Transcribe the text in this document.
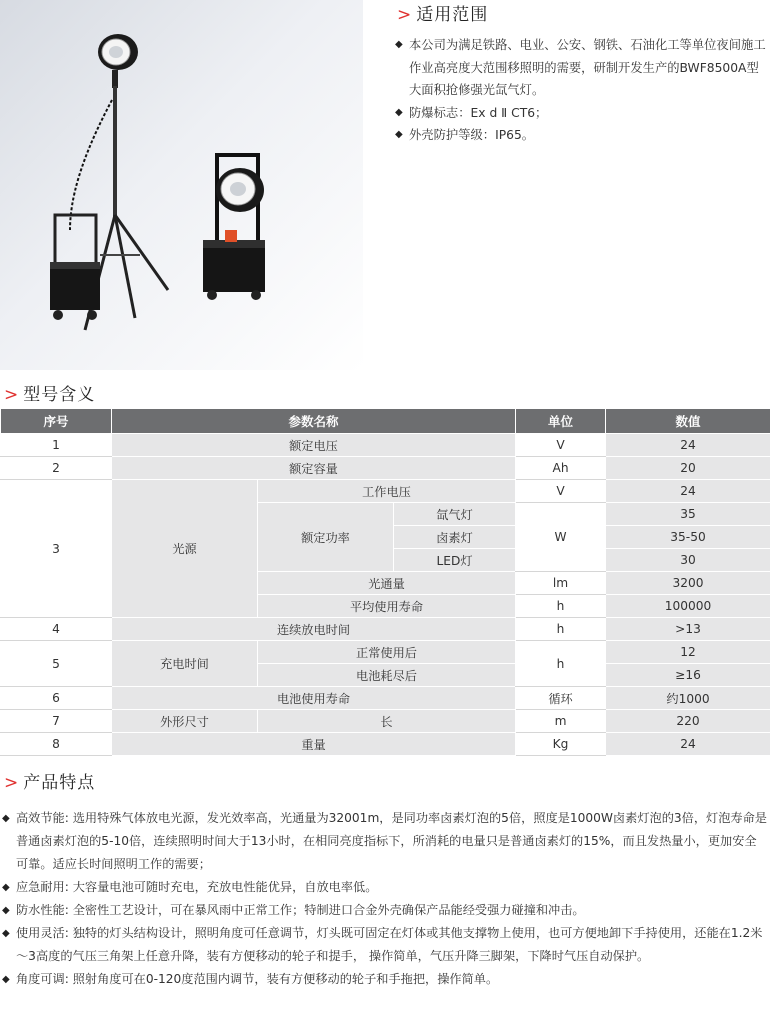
> 适用范围
◆ 本公司为满足铁路、电业、公安、钢铁、石油化工等单位夜间施工作业高亮度大范围移照明的需要，研制开发生产的BWF8500A型大面积抢修强光氙气灯。
◆ 防爆标志：Ex d Ⅱ CT6；
◆ 外壳防护等级：IP65。
> 型号含义
序号	参数名称			单位	数值
1	额定电压			V	24
2	额定容量			Ah	20
3	光源	工作电压		V	24
		额定功率	氙气灯	W	35
			卤素灯		35-50
			LED灯		30
		光通量		lm	3200
		平均使用寿命		h	100000
4	连续放电时间			h	>13
5	充电时间	正常使用后		h	12
		电池耗尽后			≥16
6	电池使用寿命			循环	约1000
7	外形尺寸	长		m	220
8	重量			Kg	24
> 产品特点
◆ 高效节能: 选用特殊气体放电光源，发光效率高，光通量为32001m，是同功率卤素灯泡的5倍，照度是1000W卤素灯泡的3倍，灯泡寿命是普通卤素灯泡的5-10倍，连续照明时间大于13小时，在相同亮度指标下，所消耗的电量只是普通卤素灯的15%，而且发热量小，更加安全可靠。适应长时间照明工作的需要；
◆ 应急耐用: 大容量电池可随时充电，充放电性能优异，自放电率低。
◆ 防水性能: 全密性工艺设计，可在暴风雨中正常工作；特制进口合金外壳确保产品能经受强力碰撞和冲击。
◆ 使用灵活: 独特的灯头结构设计，照明角度可任意调节，灯头既可固定在灯体或其他支撑物上使用，也可方便地卸下手持使用，还能在1.2米～3高度的气压三角架上任意升降，装有方便移动的轮子和提手， 操作简单，气压升降三脚架，下降时气压自动保护。
◆ 角度可调: 照射角度可在0-120度范围内调节，装有方便移动的轮子和手拖把，操作简单。
